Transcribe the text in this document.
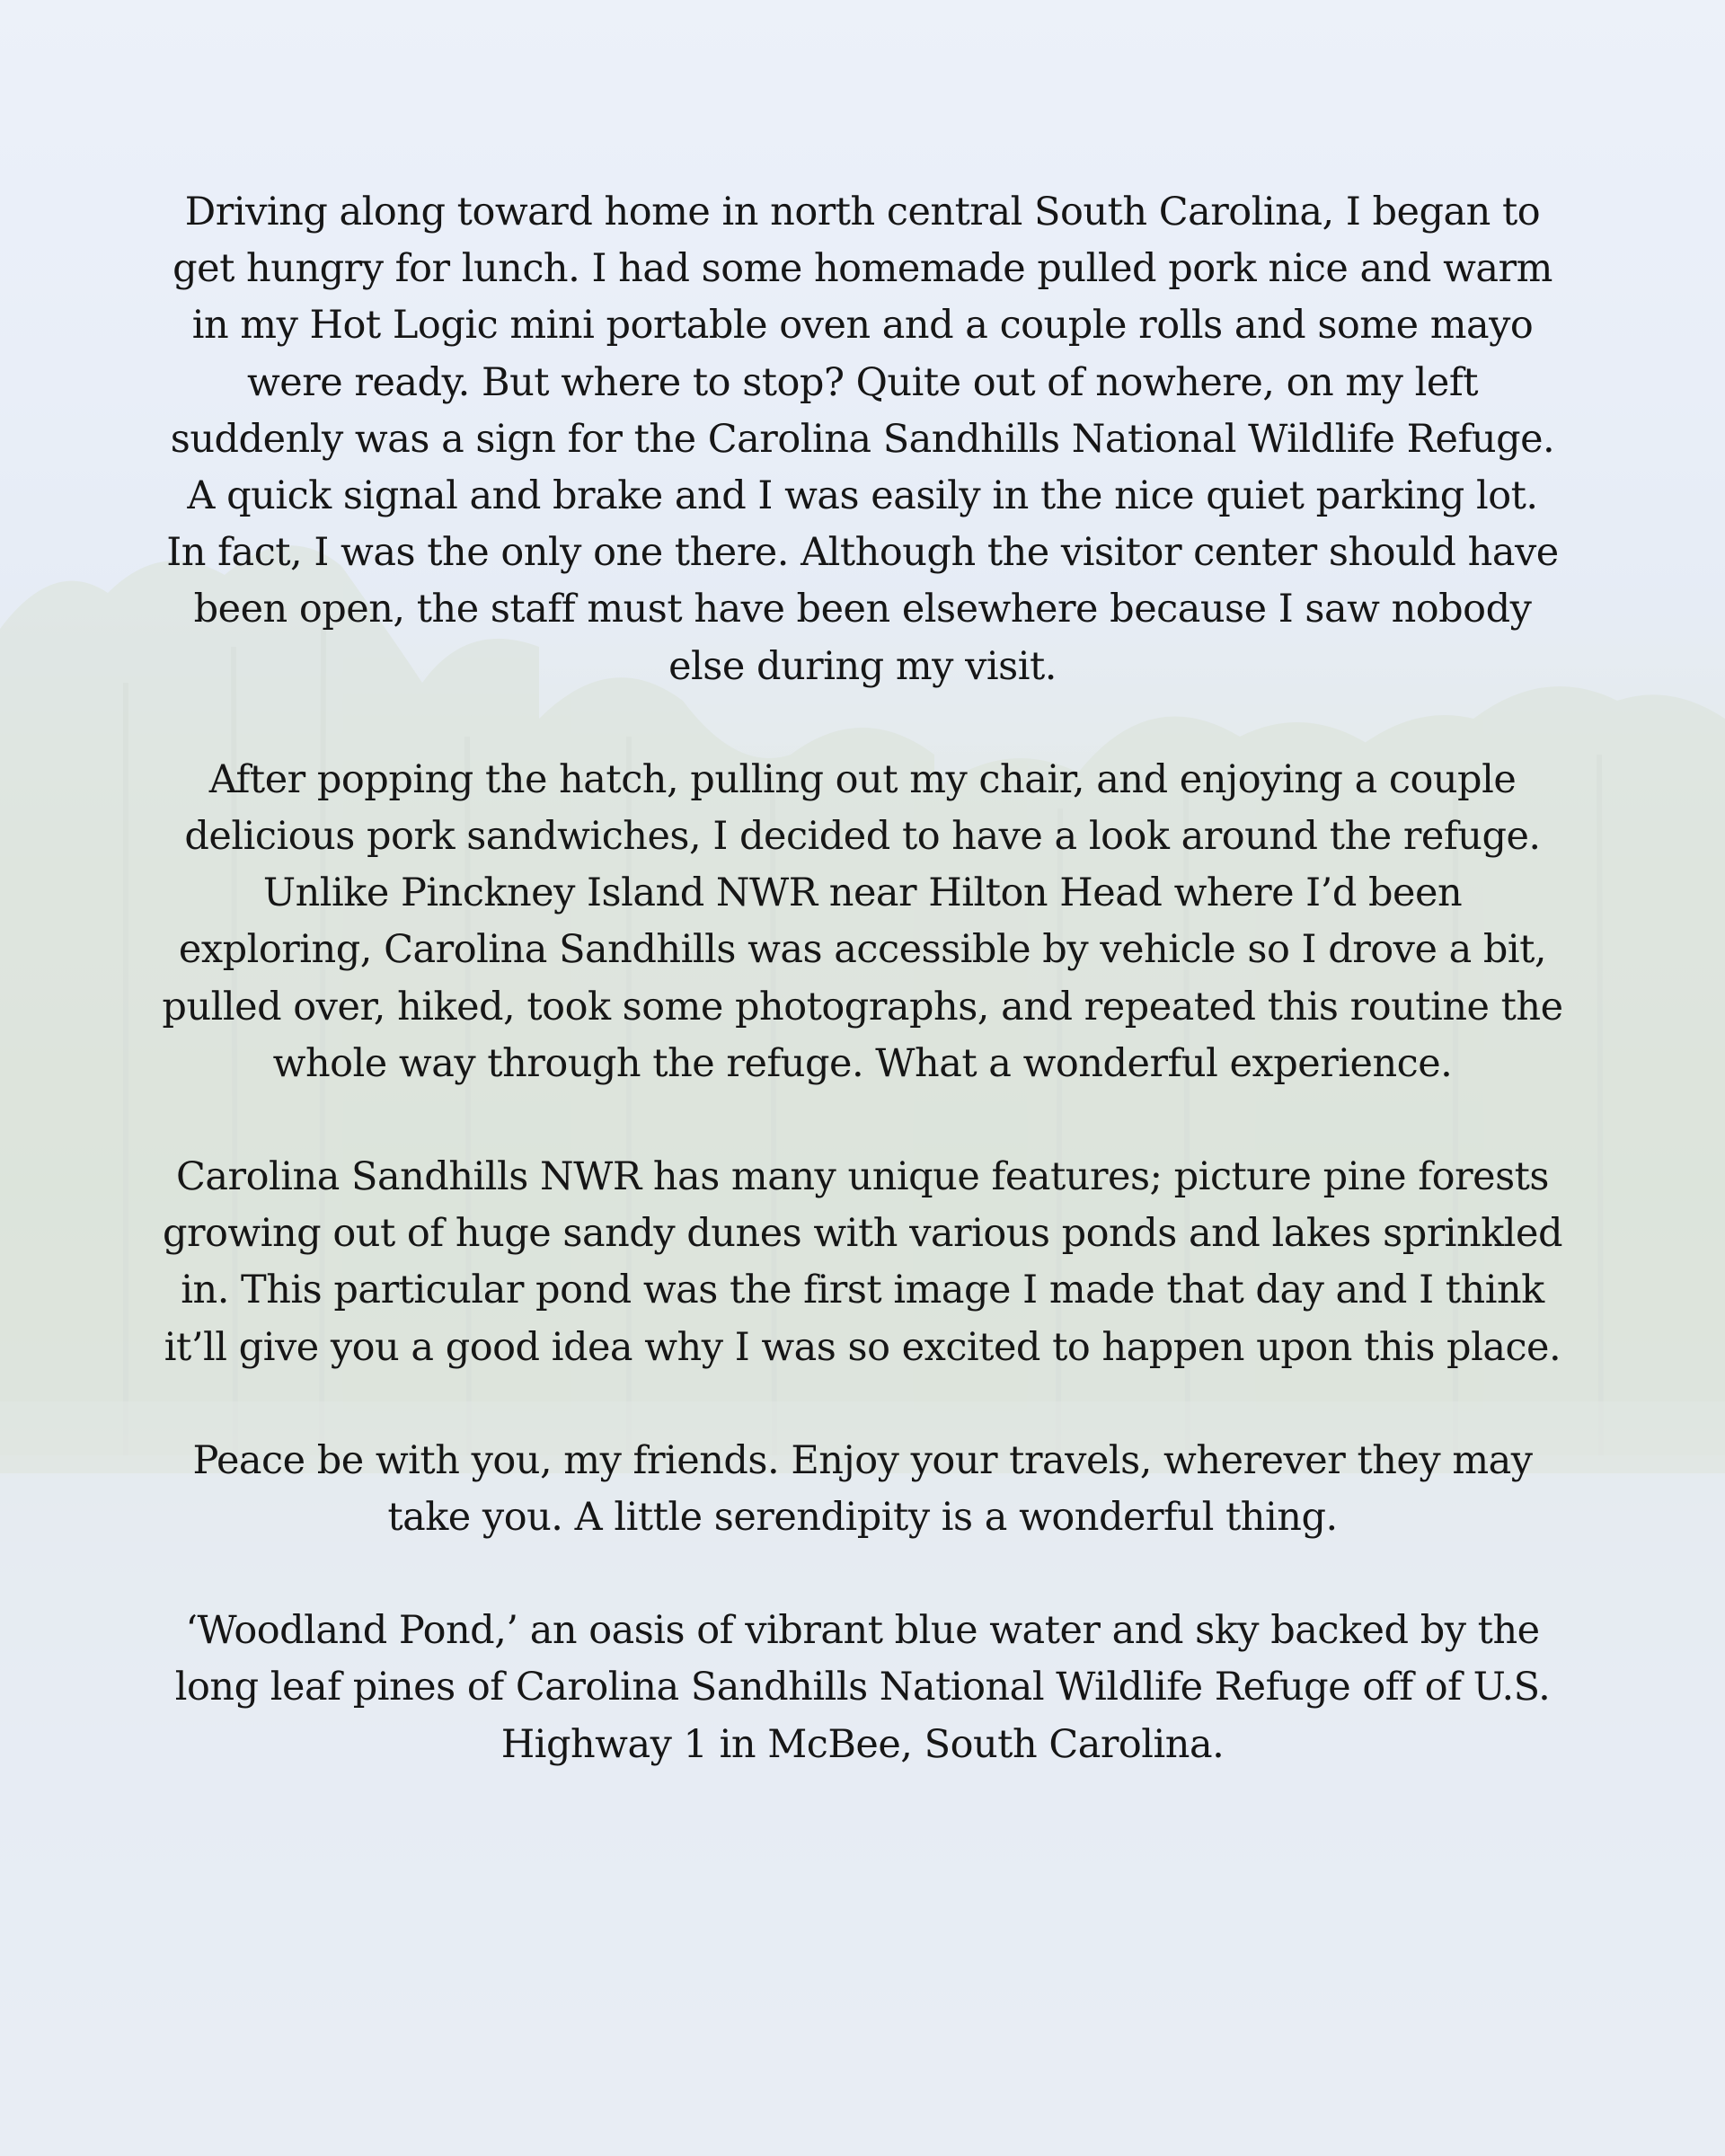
Driving along toward home in north central South Carolina, I began to get hungry for lunch. I had some homemade pulled pork nice and warm in my Hot Logic mini portable oven and a couple rolls and some mayo were ready. But where to stop? Quite out of nowhere, on my left suddenly was a sign for the Carolina Sandhills National Wildlife Refuge. A quick signal and brake and I was easily in the nice quiet parking lot. In fact, I was the only one there. Although the visitor center should have been open, the staff must have been elsewhere because I saw nobody else during my visit.

After popping the hatch, pulling out my chair, and enjoying a couple delicious pork sandwiches, I decided to have a look around the refuge. Unlike Pinckney Island NWR near Hilton Head where I’d been exploring, Carolina Sandhills was accessible by vehicle so I drove a bit, pulled over, hiked, took some photographs, and repeated this routine the whole way through the refuge. What a wonderful experience.

Carolina Sandhills NWR has many unique features; picture pine forests growing out of huge sandy dunes with various ponds and lakes sprinkled in. This particular pond was the first image I made that day and I think it’ll give you a good idea why I was so excited to happen upon this place.

Peace be with you, my friends. Enjoy your travels, wherever they may take you. A little serendipity is a wonderful thing.

‘Woodland Pond,’ an oasis of vibrant blue water and sky backed by the long leaf pines of Carolina Sandhills National Wildlife Refuge off of U.S. Highway 1 in McBee, South Carolina.
